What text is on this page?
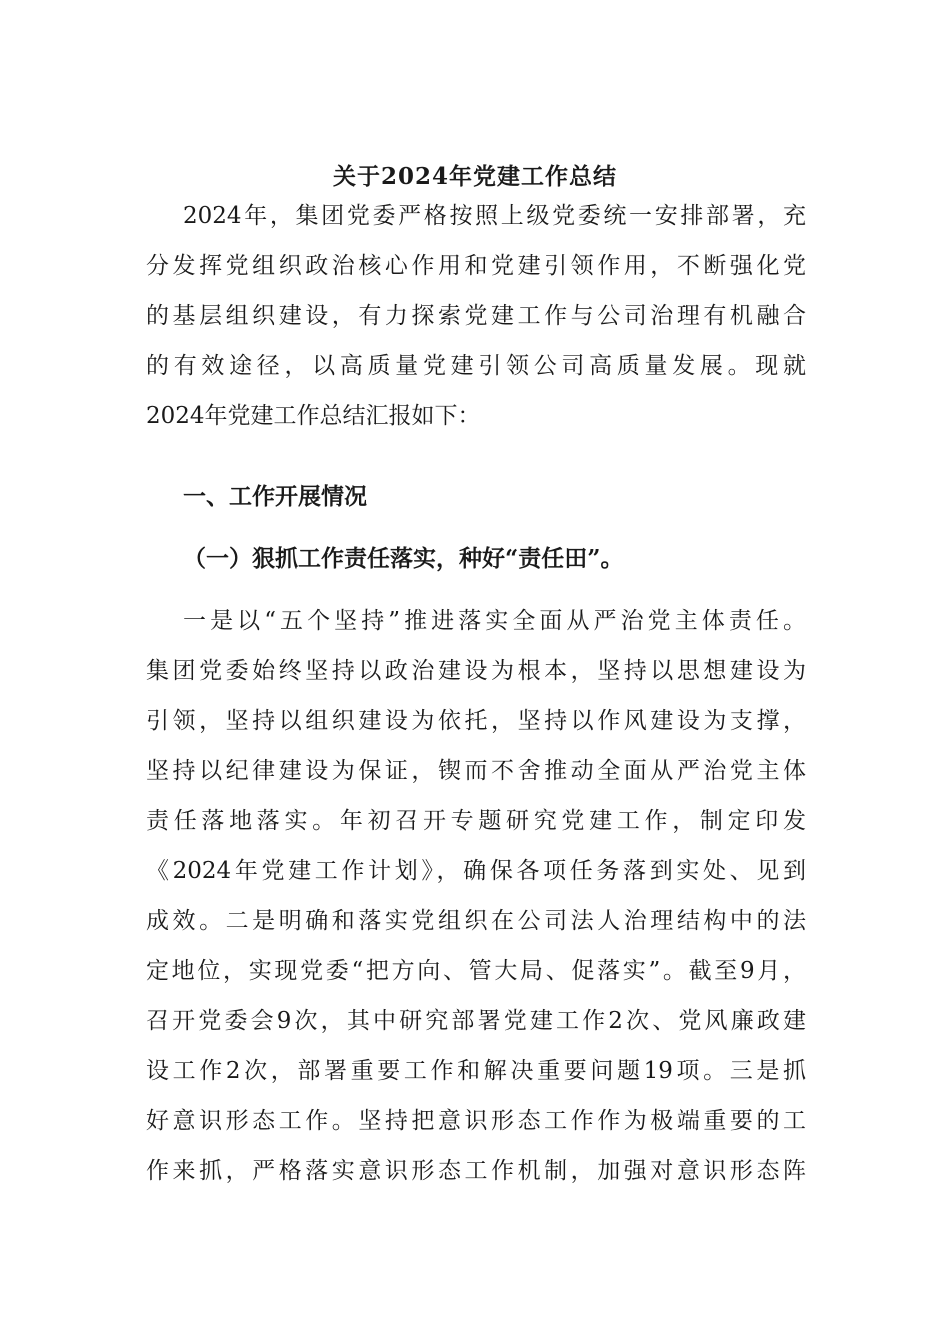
关于2024年党建工作总结
2024年，集团党委严格按照上级党委统一安排部署，充
分发挥党组织政治核心作用和党建引领作用，不断强化党
的基层组织建设，有力探索党建工作与公司治理有机融合
的有效途径，以高质量党建引领公司高质量发展。现就
2024年党建工作总结汇报如下：
一、工作开展情况
（一）狠抓工作责任落实，种好“责任田”。
一是以“五个坚持”推进落实全面从严治党主体责任。
集团党委始终坚持以政治建设为根本，坚持以思想建设为
引领，坚持以组织建设为依托，坚持以作风建设为支撑，
坚持以纪律建设为保证，锲而不舍推动全面从严治党主体
责任落地落实。年初召开专题研究党建工作，制定印发
《2024年党建工作计划》，确保各项任务落到实处、见到
成效。二是明确和落实党组织在公司法人治理结构中的法
定地位，实现党委“把方向、管大局、促落实”。截至9月，
召开党委会9次，其中研究部署党建工作2次、党风廉政建
设工作2次，部署重要工作和解决重要问题19项。三是抓
好意识形态工作。坚持把意识形态工作作为极端重要的工
作来抓，严格落实意识形态工作机制，加强对意识形态阵
